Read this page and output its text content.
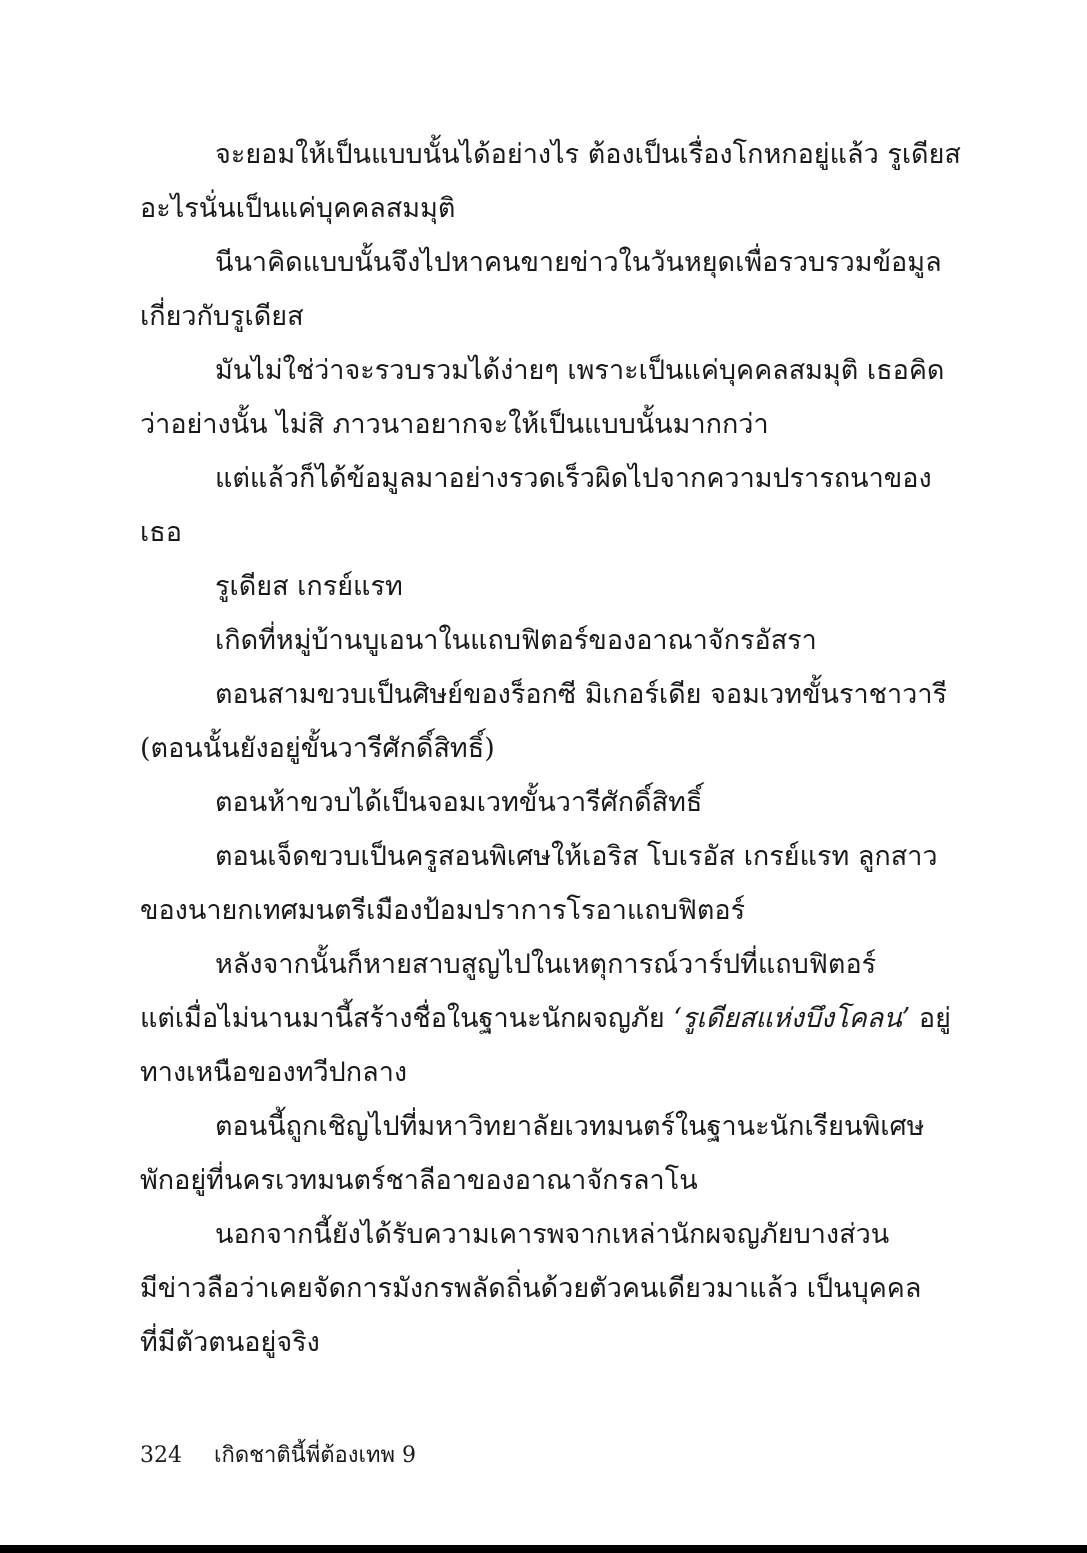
จะยอมให้เป็นแบบนั้นได้อย่างไร ต้องเป็นเรื่องโกหกอยู่แล้ว รูเดียส
อะไรนั่นเป็นแค่บุคคลสมมุติ
นีนาคิดแบบนั้นจึงไปหาคนขายข่าวในวันหยุดเพื่อรวบรวมข้อมูล
เกี่ยวกับรูเดียส
มันไม่ใช่ว่าจะรวบรวมได้ง่ายๆ เพราะเป็นแค่บุคคลสมมุติ เธอคิด
ว่าอย่างนั้น ไม่สิ ภาวนาอยากจะให้เป็นแบบนั้นมากกว่า
แต่แล้วก็ได้ข้อมูลมาอย่างรวดเร็วผิดไปจากความปรารถนาของ
เธอ
รูเดียส เกรย์แรท
เกิดที่หมู่บ้านบูเอนาในแถบฟิตอร์ของอาณาจักรอัสรา
ตอนสามขวบเป็นศิษย์ของร็อกซี มิเกอร์เดีย จอมเวทขั้นราชาวารี
(ตอนนั้นยังอยู่ขั้นวารีศักดิ์สิทธิ์)
ตอนห้าขวบได้เป็นจอมเวทขั้นวารีศักดิ์สิทธิ์
ตอนเจ็ดขวบเป็นครูสอนพิเศษให้เอริส โบเรอัส เกรย์แรท ลูกสาว
ของนายกเทศมนตรีเมืองป้อมปราการโรอาแถบฟิตอร์
หลังจากนั้นก็หายสาบสูญไปในเหตุการณ์วาร์ปที่แถบฟิตอร์
แต่เมื่อไม่นานมานี้สร้างชื่อในฐานะนักผจญภัย ‘รูเดียสแห่งบึงโคลน’ อยู่
ทางเหนือของทวีปกลาง
ตอนนี้ถูกเชิญไปที่มหาวิทยาลัยเวทมนตร์ในฐานะนักเรียนพิเศษ
พักอยู่ที่นครเวทมนตร์ชาลีอาของอาณาจักรลาโน
นอกจากนี้ยังได้รับความเคารพจากเหล่านักผจญภัยบางส่วน
มีข่าวลือว่าเคยจัดการมังกรพลัดถิ่นด้วยตัวคนเดียวมาแล้ว เป็นบุคคล
ที่มีตัวตนอยู่จริง
324 เกิดชาตินี้พี่ต้องเทพ 9
